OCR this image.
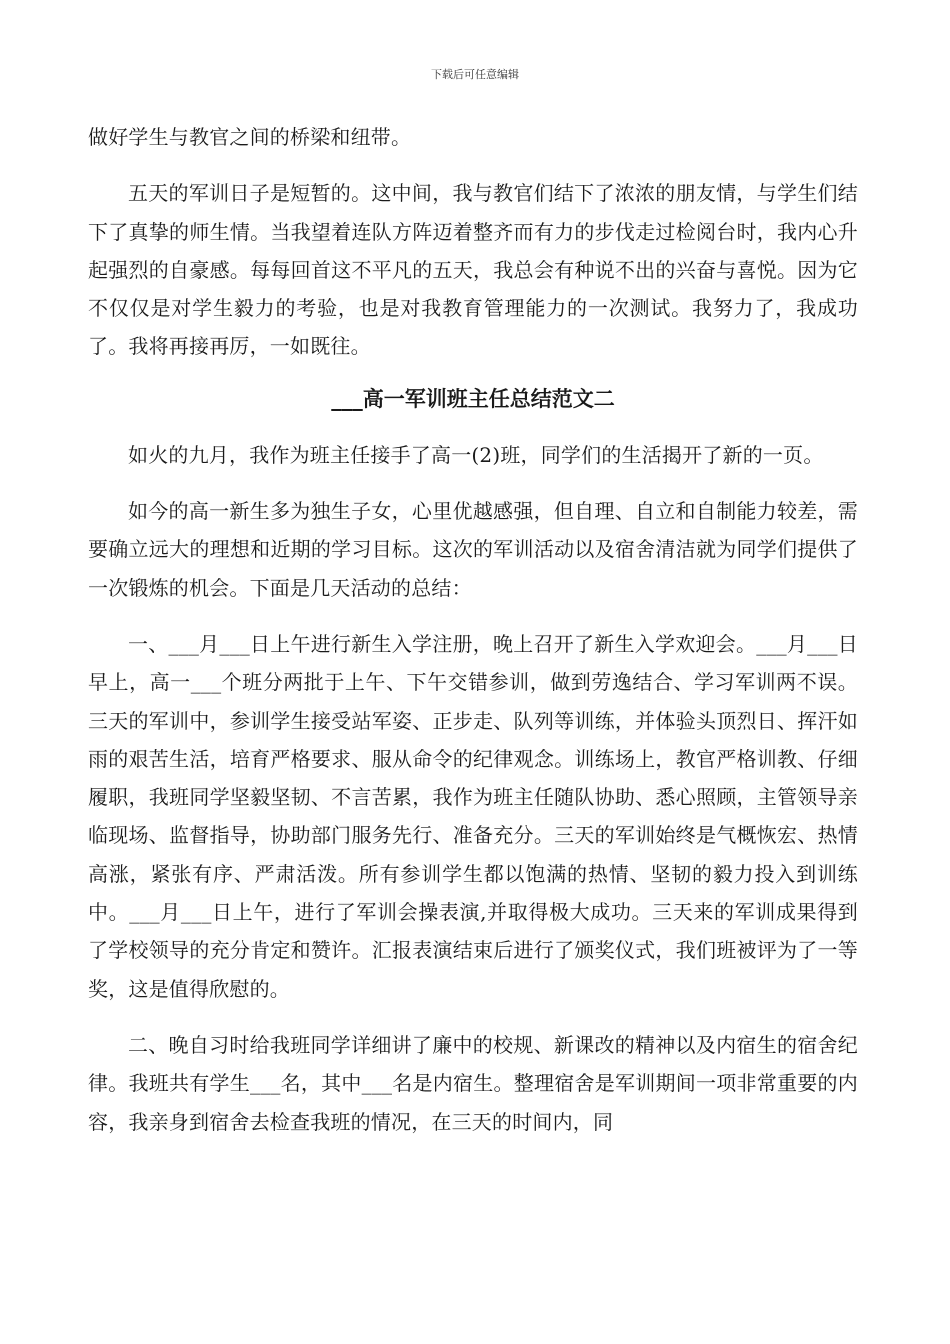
下载后可任意编辑

做好学生与教官之间的桥梁和纽带。

五天的军训日子是短暂的。这中间，我与教官们结下了浓浓的朋友情，与学生们结下了真挚的师生情。当我望着连队方阵迈着整齐而有力的步伐走过检阅台时，我内心升起强烈的自豪感。每每回首这不平凡的五天，我总会有种说不出的兴奋与喜悦。因为它不仅仅是对学生毅力的考验，也是对我教育管理能力的一次测试。我努力了，我成功了。我将再接再厉，一如既往。

___高一军训班主任总结范文二

如火的九月，我作为班主任接手了高一(2)班，同学们的生活揭开了新的一页。

如今的高一新生多为独生子女，心里优越感强，但自理、自立和自制能力较差，需要确立远大的理想和近期的学习目标。这次的军训活动以及宿舍清洁就为同学们提供了一次锻炼的机会。下面是几天活动的总结：

一、___月___日上午进行新生入学注册，晚上召开了新生入学欢迎会。___月___日早上，高一___个班分两批于上午、下午交错参训，做到劳逸结合、学习军训两不误。三天的军训中，参训学生接受站军姿、正步走、队列等训练，并体验头顶烈日、挥汗如雨的艰苦生活，培育严格要求、服从命令的纪律观念。训练场上，教官严格训教、仔细履职，我班同学坚毅坚韧、不言苦累，我作为班主任随队协助、悉心照顾，主管领导亲临现场、监督指导，协助部门服务先行、准备充分。三天的军训始终是气概恢宏、热情高涨，紧张有序、严肃活泼。所有参训学生都以饱满的热情、坚韧的毅力投入到训练中。___月___日上午，进行了军训会操表演,并取得极大成功。三天来的军训成果得到了学校领导的充分肯定和赞许。汇报表演结束后进行了颁奖仪式，我们班被评为了一等奖，这是值得欣慰的。

二、晚自习时给我班同学详细讲了廉中的校规、新课改的精神以及内宿生的宿舍纪律。我班共有学生___名，其中___名是内宿生。整理宿舍是军训期间一项非常重要的内容，我亲身到宿舍去检查我班的情况，在三天的时间内，同
